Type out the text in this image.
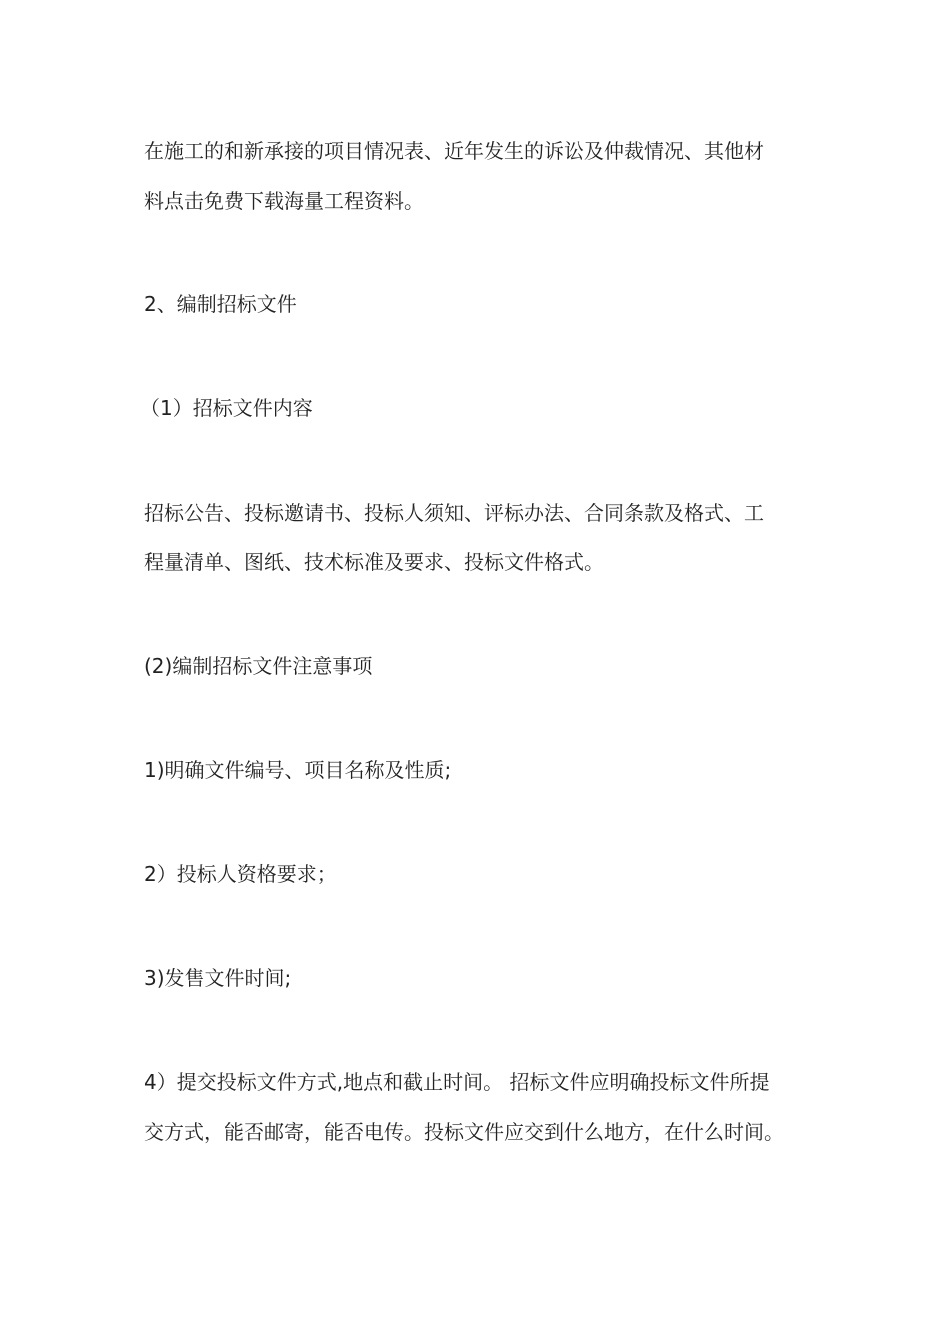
在施工的和新承接的项目情况表、近年发生的诉讼及仲裁情况、其他材
料点击免费下载海量工程资料。
2、编制招标文件
（1）招标文件内容
招标公告、投标邀请书、投标人须知、评标办法、合同条款及格式、工
程量清单、图纸、技术标准及要求、投标文件格式。
(2)编制招标文件注意事项
1)明确文件编号、项目名称及性质;
2）投标人资格要求；
3)发售文件时间;
4）提交投标文件方式,地点和截止时间。 招标文件应明确投标文件所提
交方式，能否邮寄，能否电传。投标文件应交到什么地方，在什么时间。
